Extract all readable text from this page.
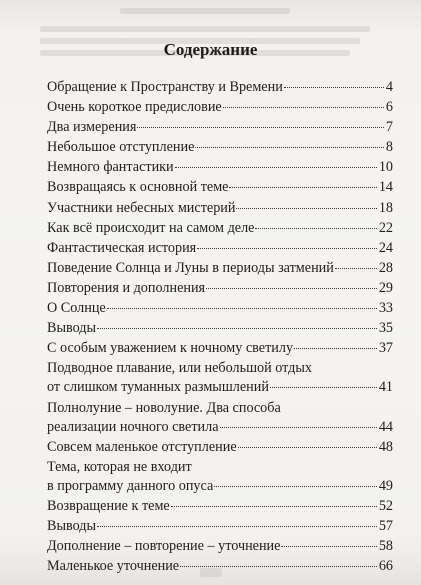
Содержание
Обращение к Пространству и Времени	4
Очень короткое предисловие	6
Два измерения	7
Небольшое отступление	8
Немного фантастики	10
Возвращаясь к основной теме	14
Участники небесных мистерий	18
Как всё происходит на самом деле	22
Фантастическая история	24
Поведение Солнца и Луны в периоды затмений	28
Повторения и дополнения	29
О Солнце	33
Выводы	35
С особым уважением к ночному светилу	37
Подводное плавание, или небольшой отдых
от слишком туманных размышлений	41
Полнолуние – новолуние. Два способа
реализации ночного светила	44
Совсем маленькое отступление	48
Тема, которая не входит
в программу данного опуса	49
Возвращение к теме	52
Выводы	57
Дополнение – повторение – уточнение	58
Маленькое уточнение	66
